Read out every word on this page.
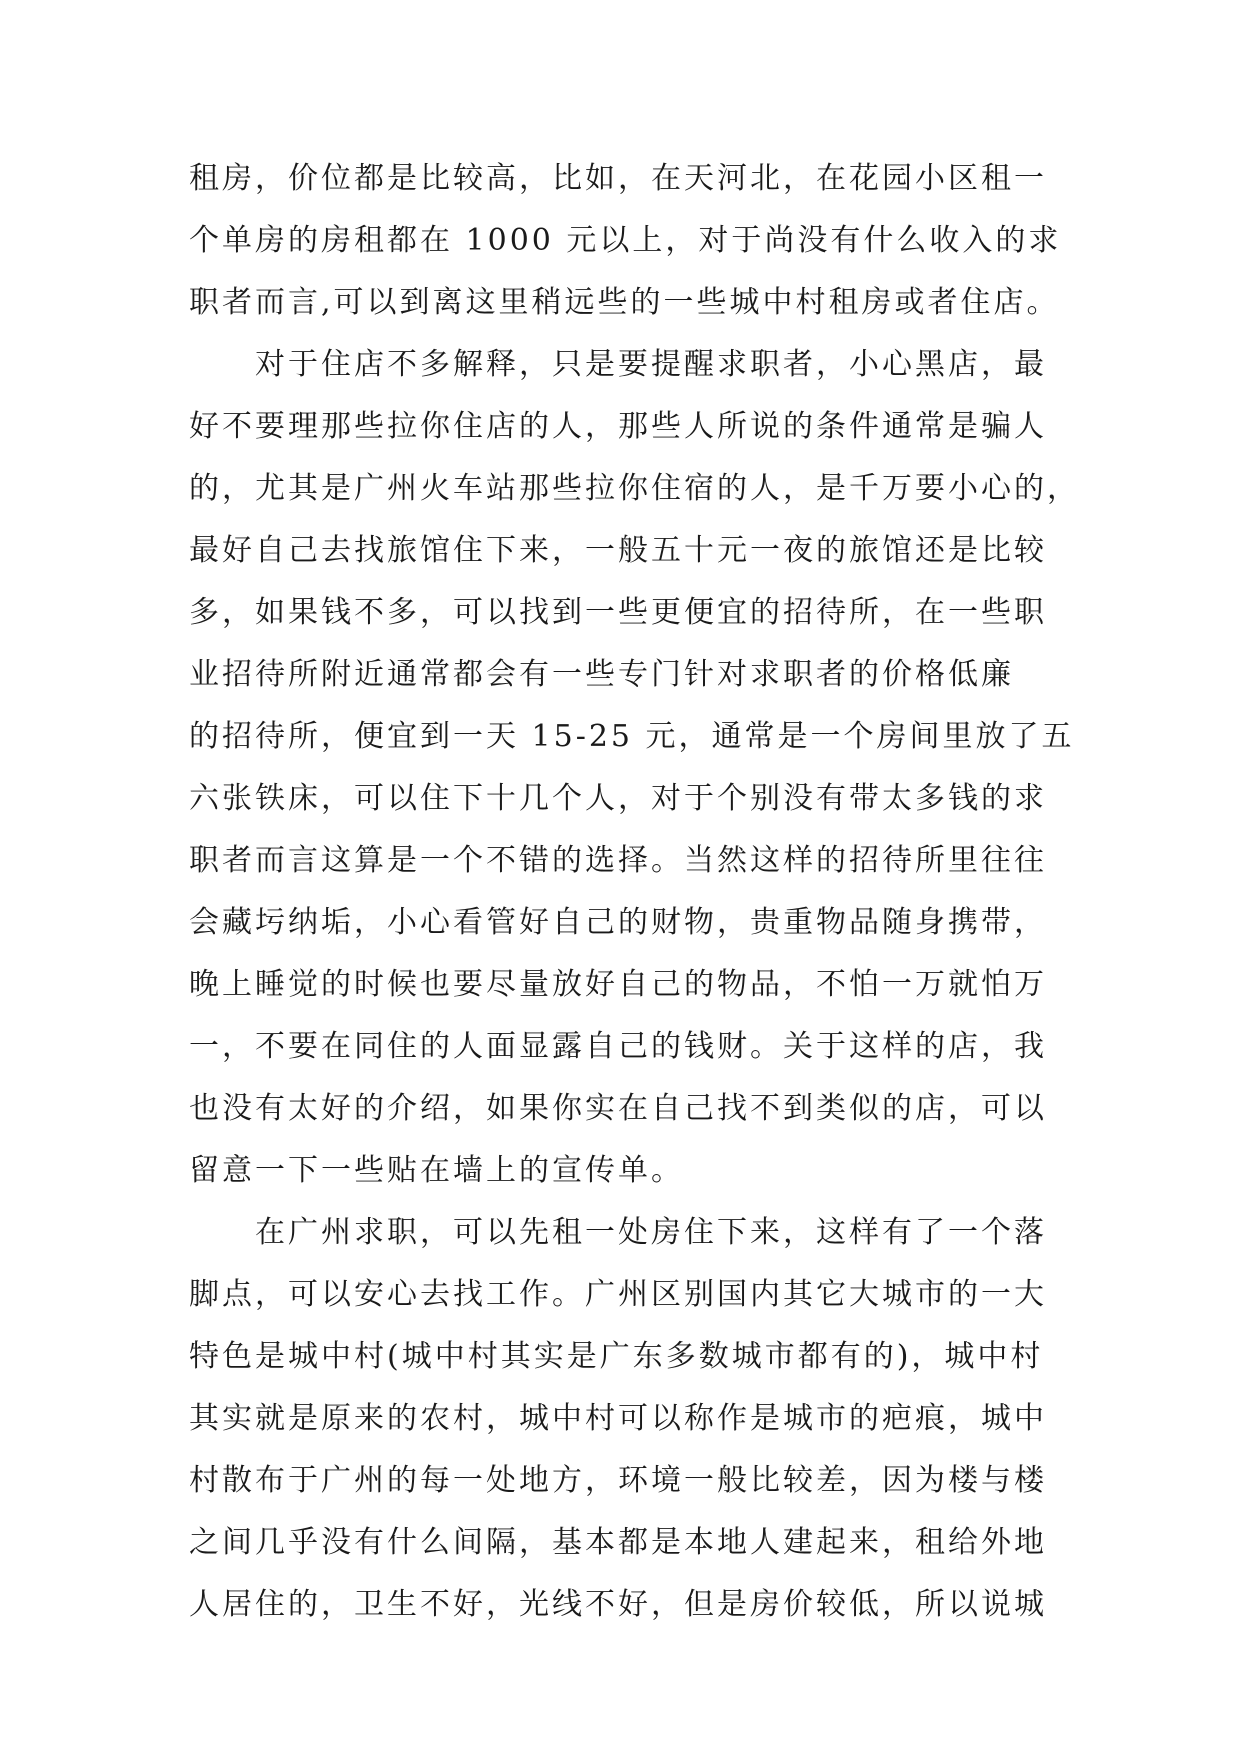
租房，价位都是比较高，比如，在天河北，在花园小区租一
个单房的房租都在 1000 元以上，对于尚没有什么收入的求
职者而言,可以到离这里稍远些的一些城中村租房或者住店。
对于住店不多解释，只是要提醒求职者，小心黑店，最
好不要理那些拉你住店的人，那些人所说的条件通常是骗人
的，尤其是广州火车站那些拉你住宿的人，是千万要小心的，
最好自己去找旅馆住下来，一般五十元一夜的旅馆还是比较
多，如果钱不多，可以找到一些更便宜的招待所，在一些职
业招待所附近通常都会有一些专门针对求职者的价格低廉
的招待所，便宜到一天 15-25 元，通常是一个房间里放了五
六张铁床，可以住下十几个人，对于个别没有带太多钱的求
职者而言这算是一个不错的选择。当然这样的招待所里往往
会藏圬纳垢，小心看管好自己的财物，贵重物品随身携带，
晚上睡觉的时候也要尽量放好自己的物品，不怕一万就怕万
一，不要在同住的人面显露自己的钱财。关于这样的店，我
也没有太好的介绍，如果你实在自己找不到类似的店，可以
留意一下一些贴在墙上的宣传单。
在广州求职，可以先租一处房住下来，这样有了一个落
脚点，可以安心去找工作。广州区别国内其它大城市的一大
特色是城中村(城中村其实是广东多数城市都有的)，城中村
其实就是原来的农村，城中村可以称作是城市的疤痕，城中
村散布于广州的每一处地方，环境一般比较差，因为楼与楼
之间几乎没有什么间隔，基本都是本地人建起来，租给外地
人居住的，卫生不好，光线不好，但是房价较低，所以说城
